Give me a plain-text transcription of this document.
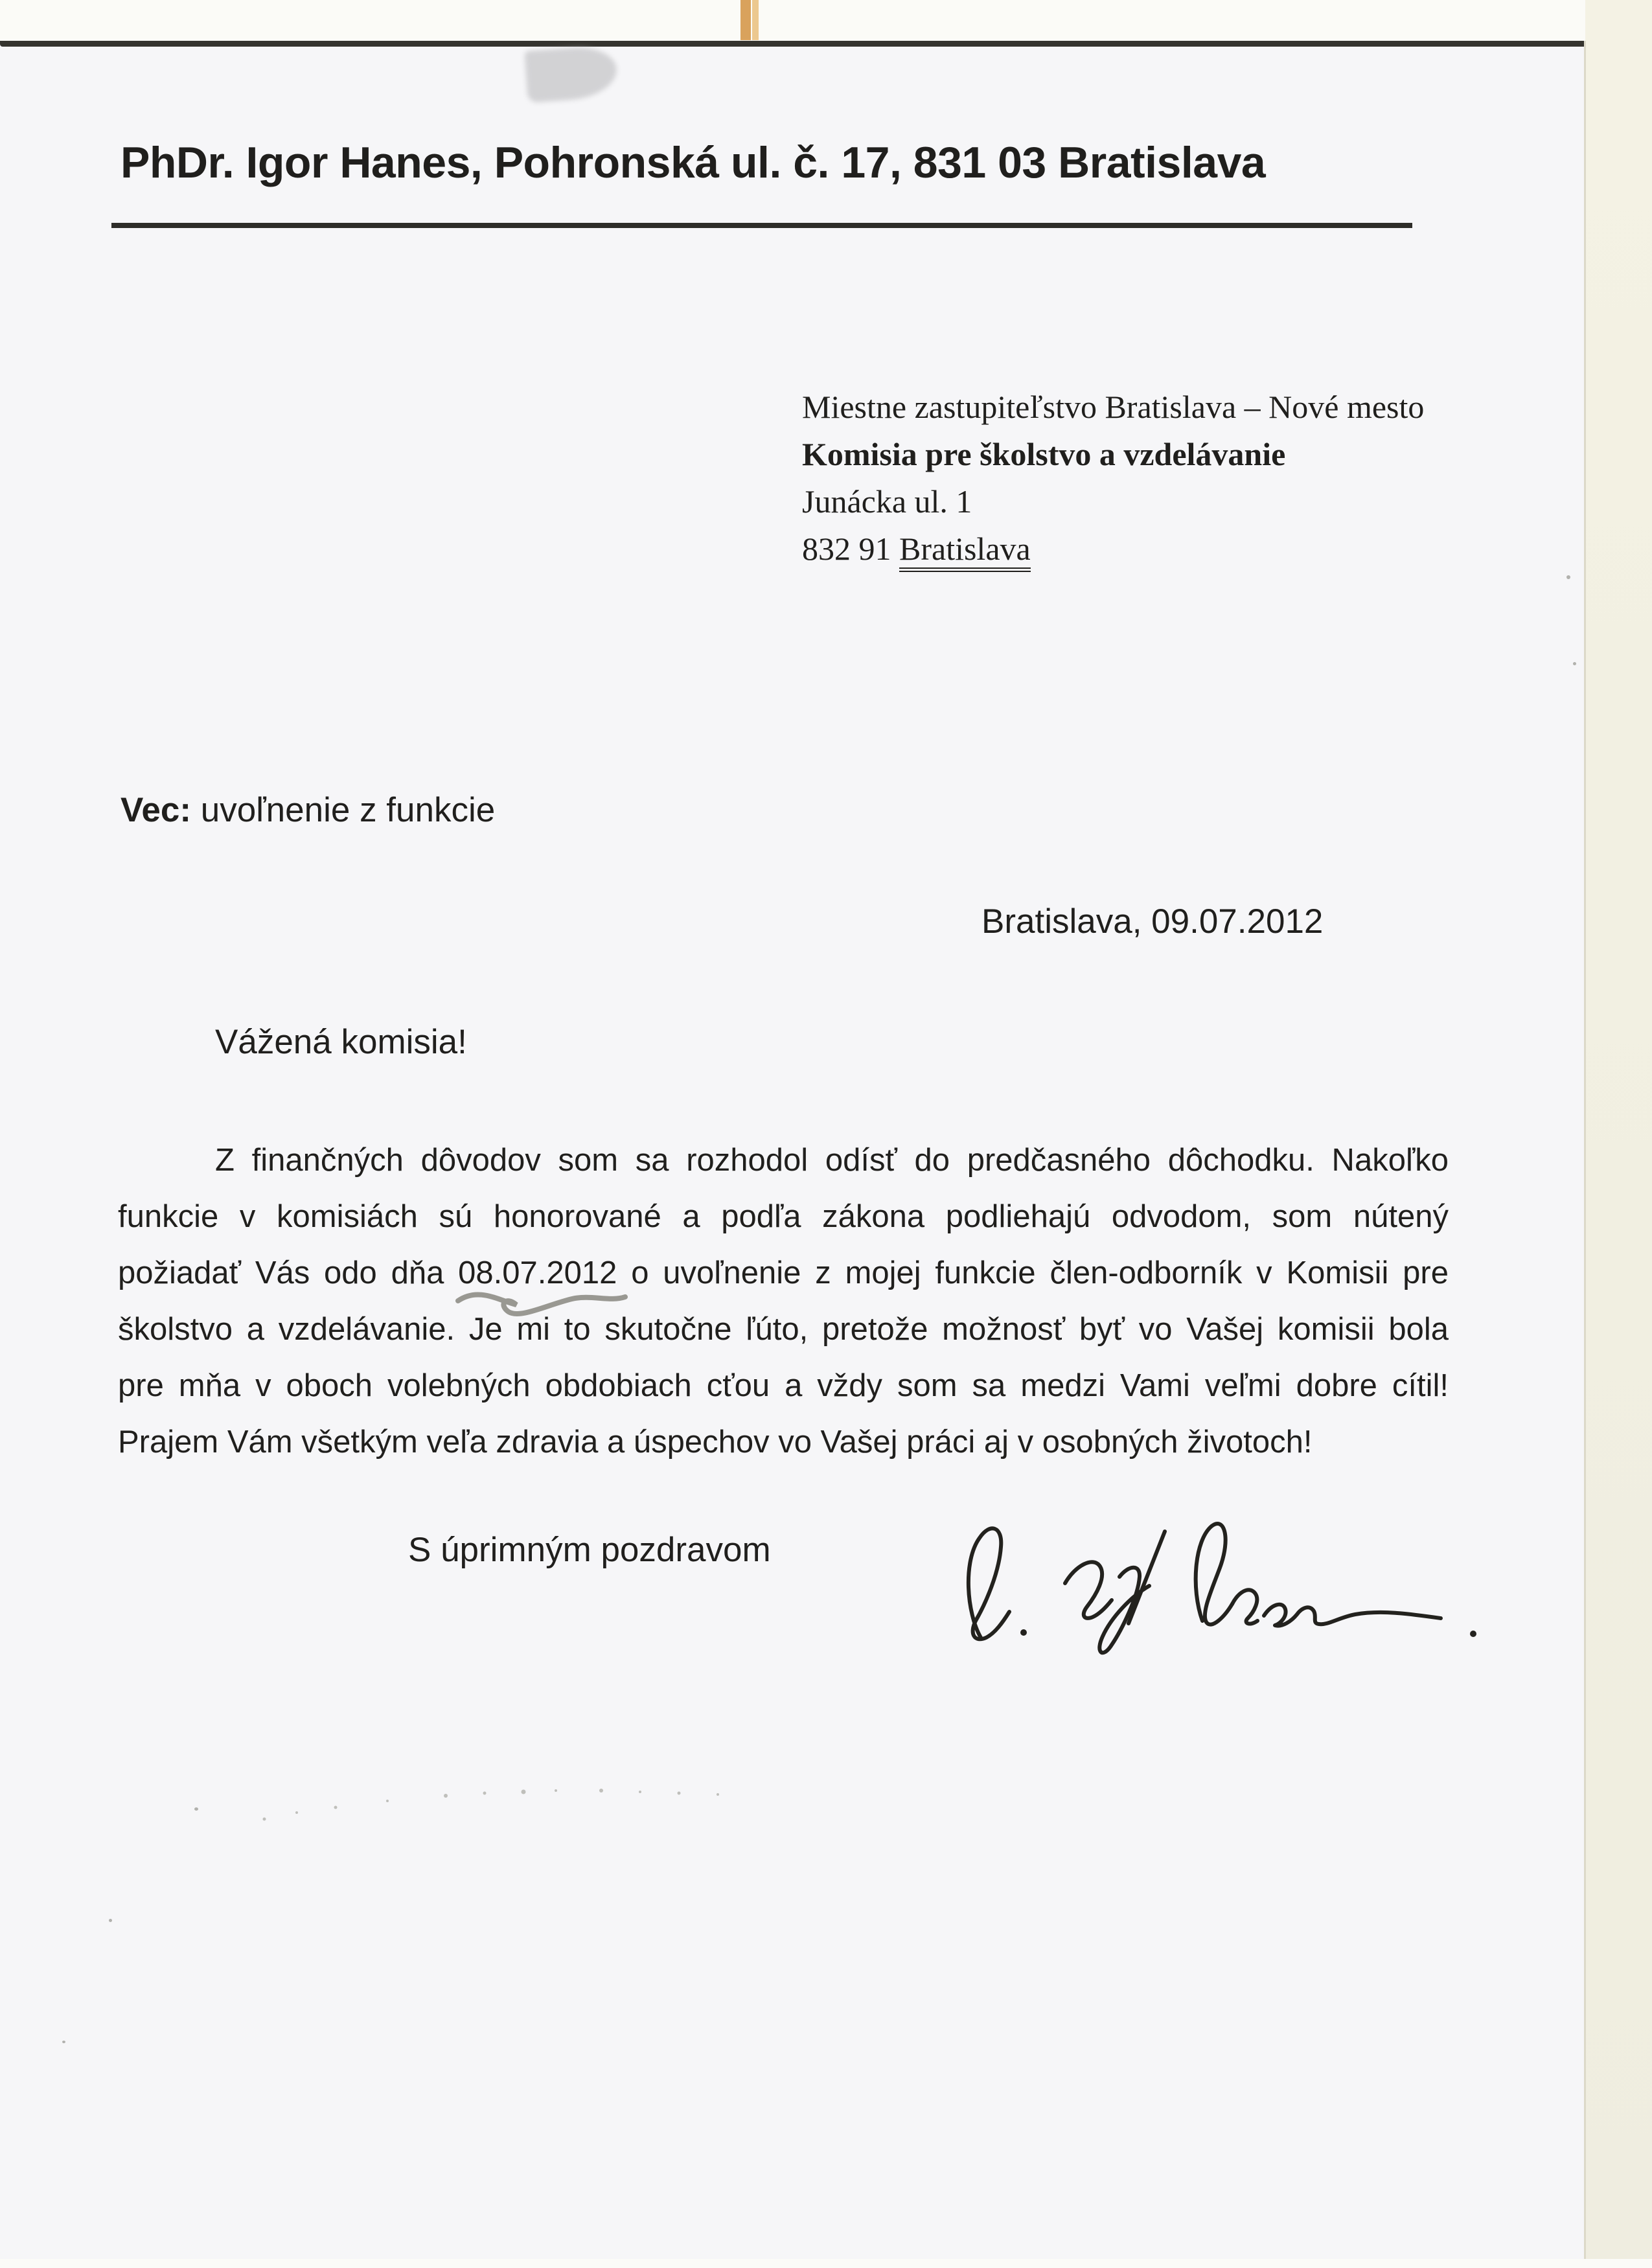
PhDr. Igor Hanes, Pohronská ul. č. 17, 831 03 Bratislava
Miestne zastupiteľstvo Bratislava – Nové mesto
Komisia pre školstvo a vzdelávanie
Junácka ul. 1
832 91 Bratislava
Vec: uvoľnenie z funkcie
Bratislava, 09.07.2012
Vážená komisia!
Z finančných dôvodov som sa rozhodol odísť do predčasného dôchodku. Nakoľko
funkcie v komisiách sú honorované a podľa zákona podliehajú odvodom, som nútený
požiadať Vás odo dňa 08.07.2012
o uvoľnenie z mojej funkcie člen-odborník v Komisii pre
školstvo a vzdelávanie. Je mi to skutočne ľúto, pretože možnosť byť vo Vašej komisii bola
pre mňa v oboch volebných obdobiach cťou a vždy som sa medzi Vami veľmi dobre cítil!
Prajem Vám všetkým veľa zdravia a úspechov vo Vašej práci aj v osobných životoch!
S úprimným pozdravom
